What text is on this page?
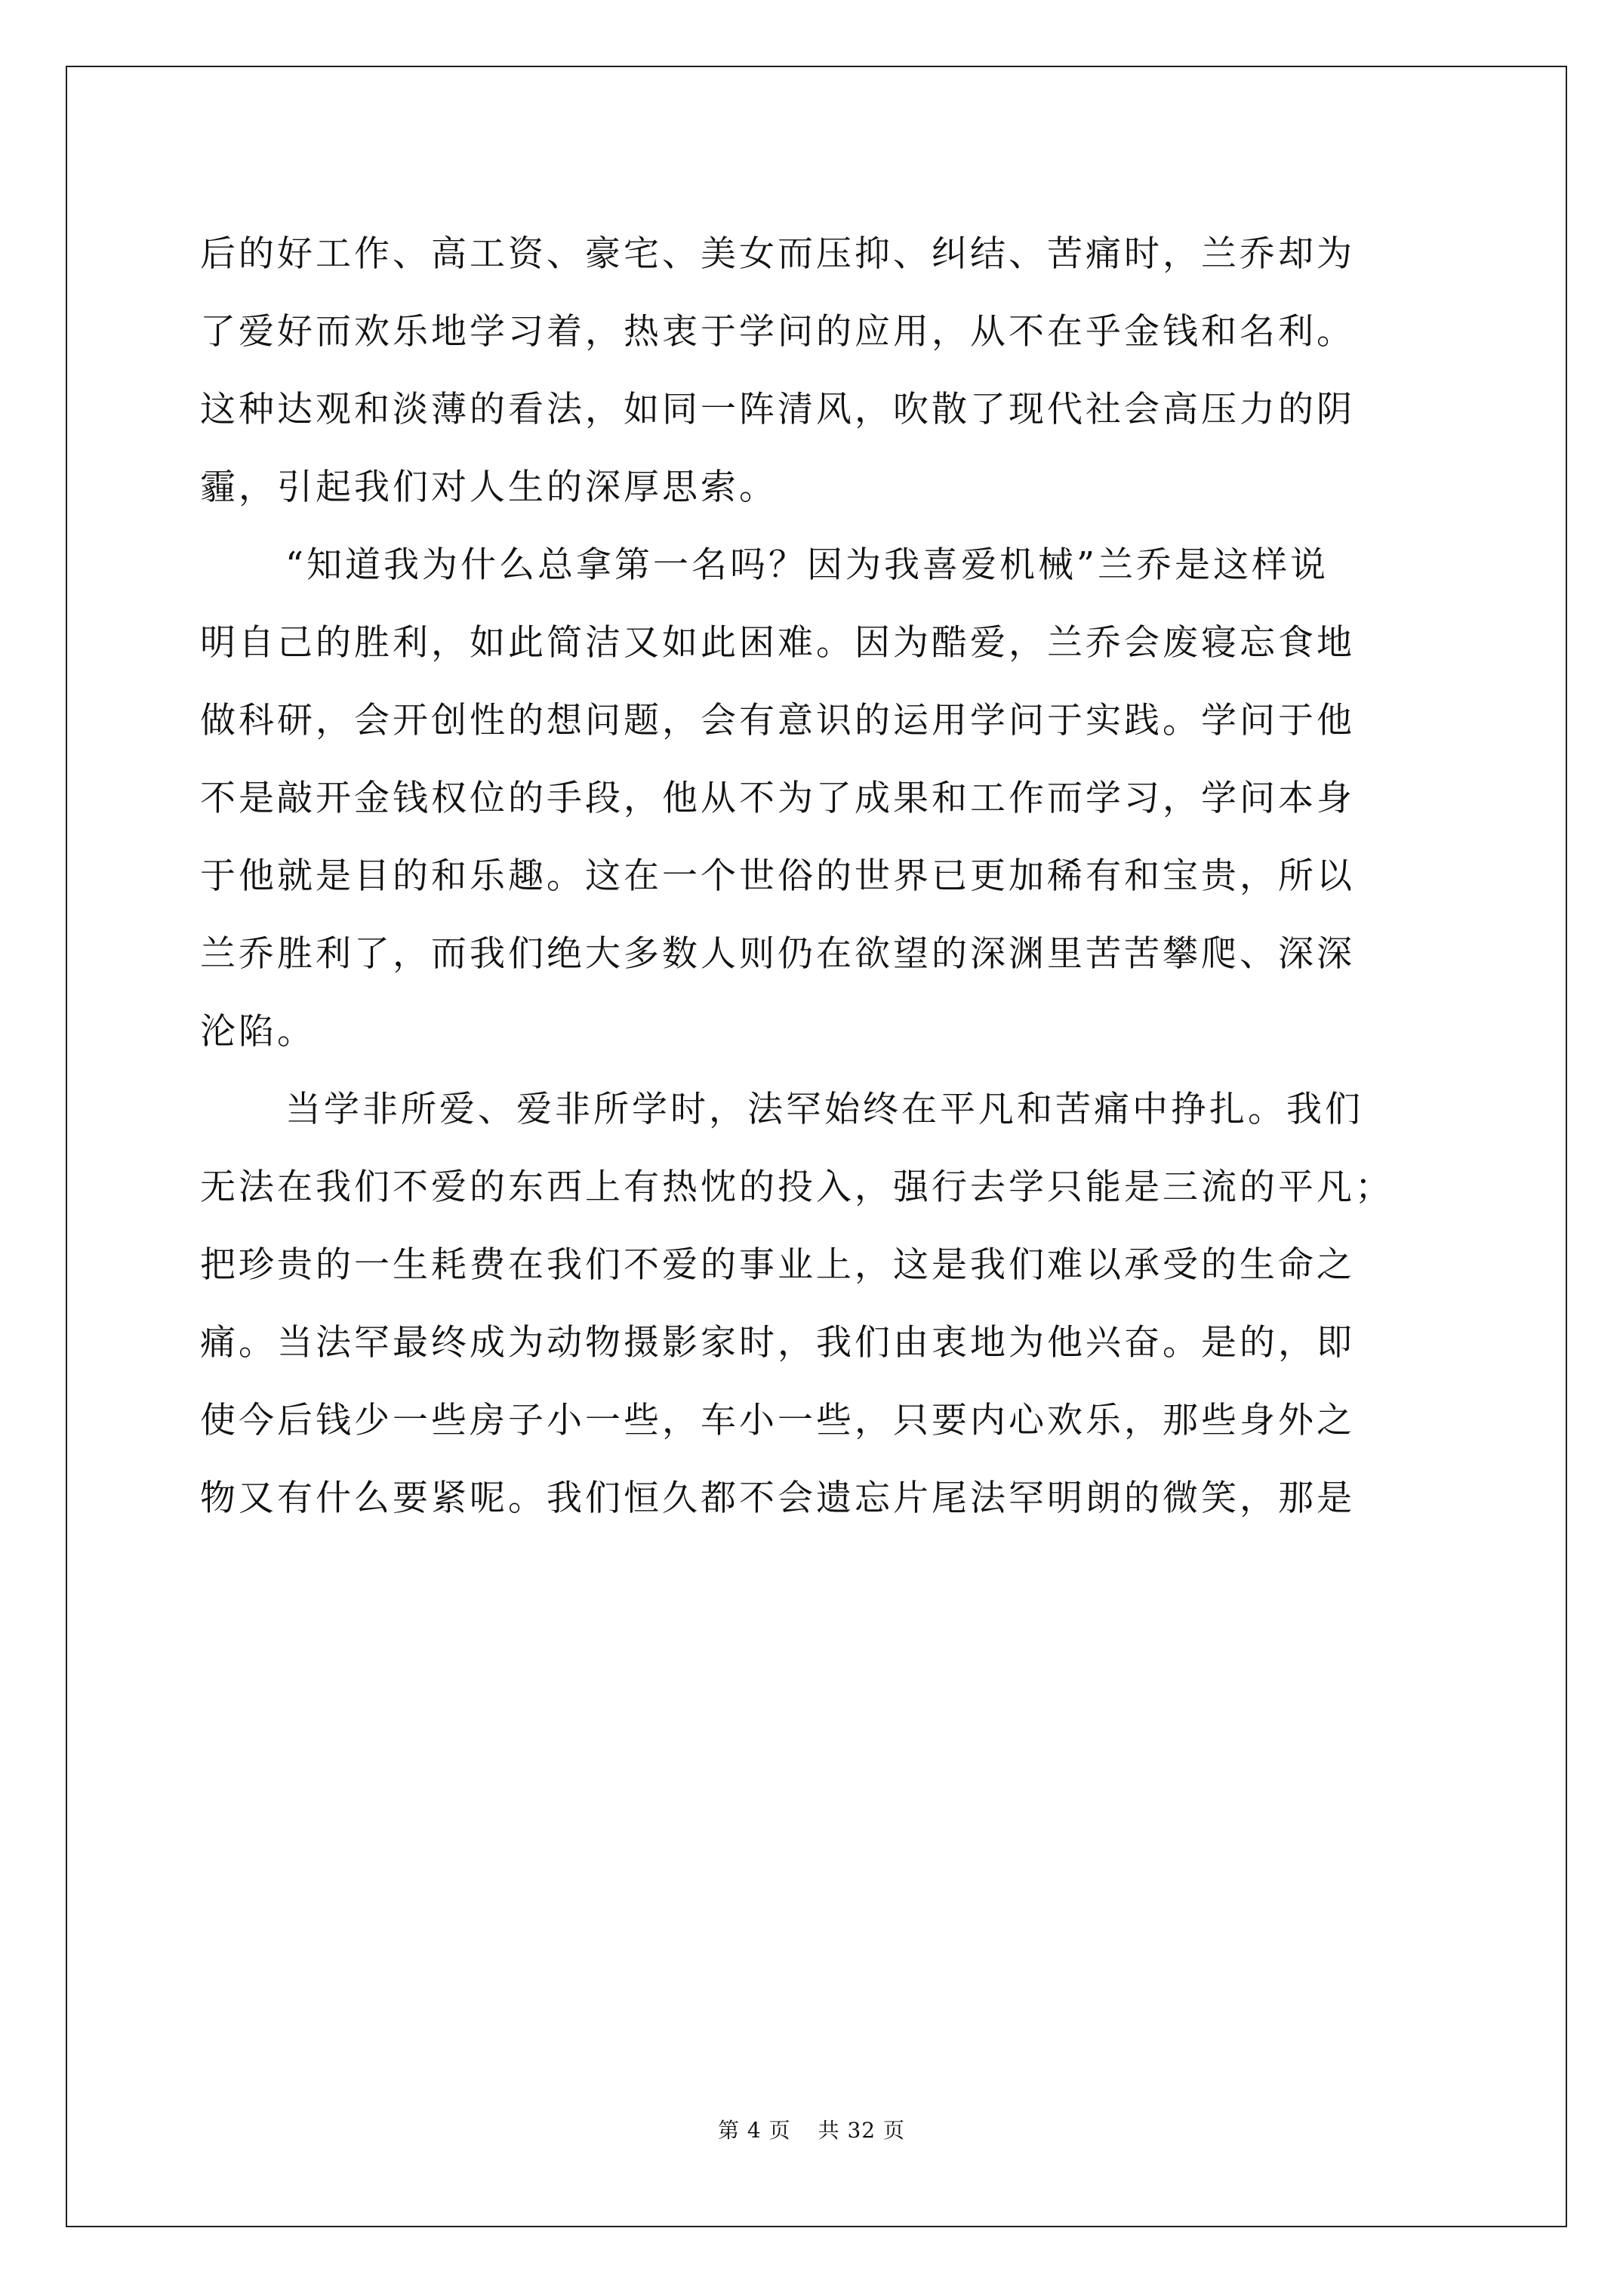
后的好工作、高工资、豪宅、美女而压抑、纠结、苦痛时，兰乔却为
了爱好而欢乐地学习着，热衷于学问的应用，从不在乎金钱和名利。
这种达观和淡薄的看法，如同一阵清风，吹散了现代社会高压力的阴
霾，引起我们对人生的深厚思索。
“知道我为什么总拿第一名吗？因为我喜爱机械”兰乔是这样说
明自己的胜利，如此简洁又如此困难。因为酷爱，兰乔会废寝忘食地
做科研，会开创性的想问题，会有意识的运用学问于实践。学问于他
不是敲开金钱权位的手段，他从不为了成果和工作而学习，学问本身
于他就是目的和乐趣。这在一个世俗的世界已更加稀有和宝贵，所以
兰乔胜利了，而我们绝大多数人则仍在欲望的深渊里苦苦攀爬、深深
沦陷。
当学非所爱、爱非所学时，法罕始终在平凡和苦痛中挣扎。我们
无法在我们不爱的东西上有热忱的投入，强行去学只能是三流的平凡；
把珍贵的一生耗费在我们不爱的事业上，这是我们难以承受的生命之
痛。当法罕最终成为动物摄影家时，我们由衷地为他兴奋。是的，即
使今后钱少一些房子小一些，车小一些，只要内心欢乐，那些身外之
物又有什么要紧呢。我们恒久都不会遗忘片尾法罕明朗的微笑，那是
第 4 页 共 32 页
